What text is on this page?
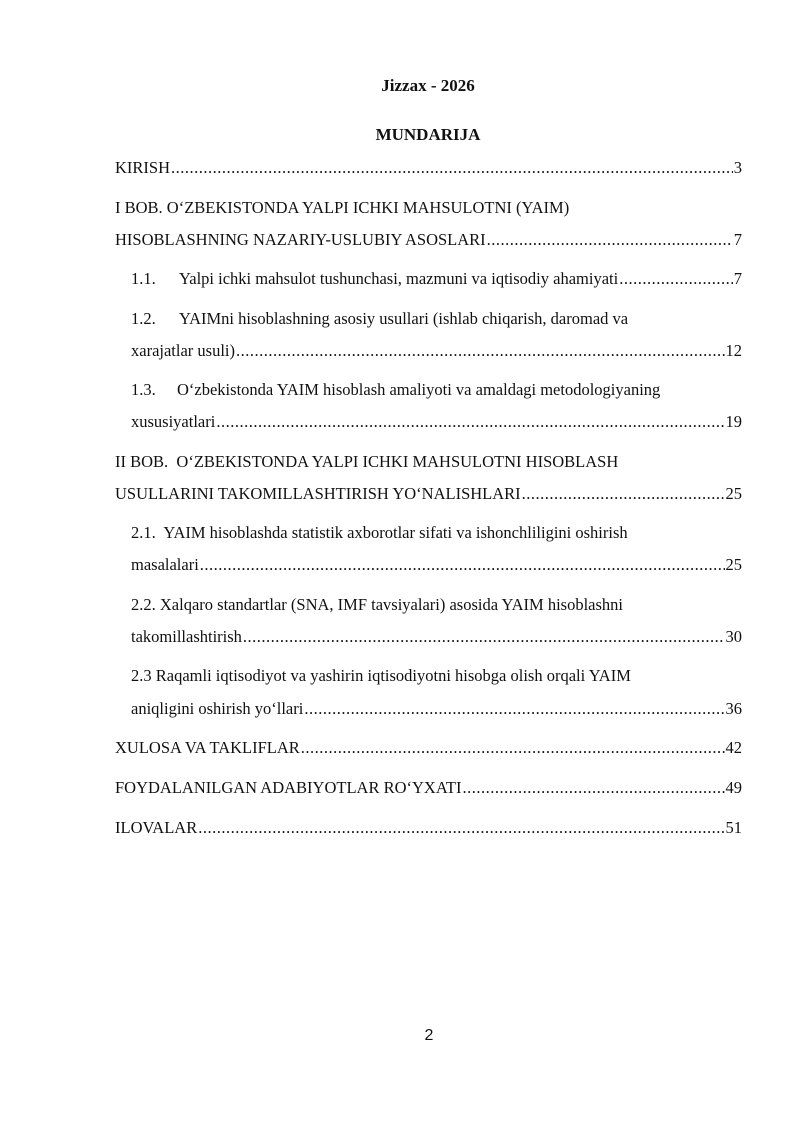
Jizzax - 2026
MUNDARIJA
KIRISH .....	3
I BOB. O‘ZBEKISTONDA YALPI ICHKI MAHSULOTNI (YAIM)
HISOBLASHNING NAZARIY-USLUBIY ASOSLARI .....	7
1.1. Yalpi ichki mahsulot tushunchasi, mazmuni va iqtisodiy ahamiyati .....	7
1.2. YAIMni hisoblashning asosiy usullari (ishlab chiqarish, daromad va
xarajatlar usuli) .....	12
1.3. O‘zbekistonda YAIM hisoblash amaliyoti va amaldagi metodologiyaning
xususiyatlari .....	19
II BOB.  O‘ZBEKISTONDA YALPI ICHKI MAHSULOTNI HISOBLASH
USULLARINI TAKOMILLASHTIRISH YO‘NALISHLARI .....	25
2.1.  YAIM hisoblashda statistik axborotlar sifati va ishonchliligini oshirish
masalalari .....	25
2.2. Xalqaro standartlar (SNA, IMF tavsiyalari) asosida YAIM hisoblashni
takomillashtirish .....	30
2.3 Raqamli iqtisodiyot va yashirin iqtisodiyotni hisobga olish orqali YAIM
aniqligini oshirish yo‘llari .....	36
XULOSA VA TAKLIFLAR .....	42
FOYDALANILGAN ADABIYOTLAR RO‘YXATI .....	49
ILOVALAR .....	51
2
